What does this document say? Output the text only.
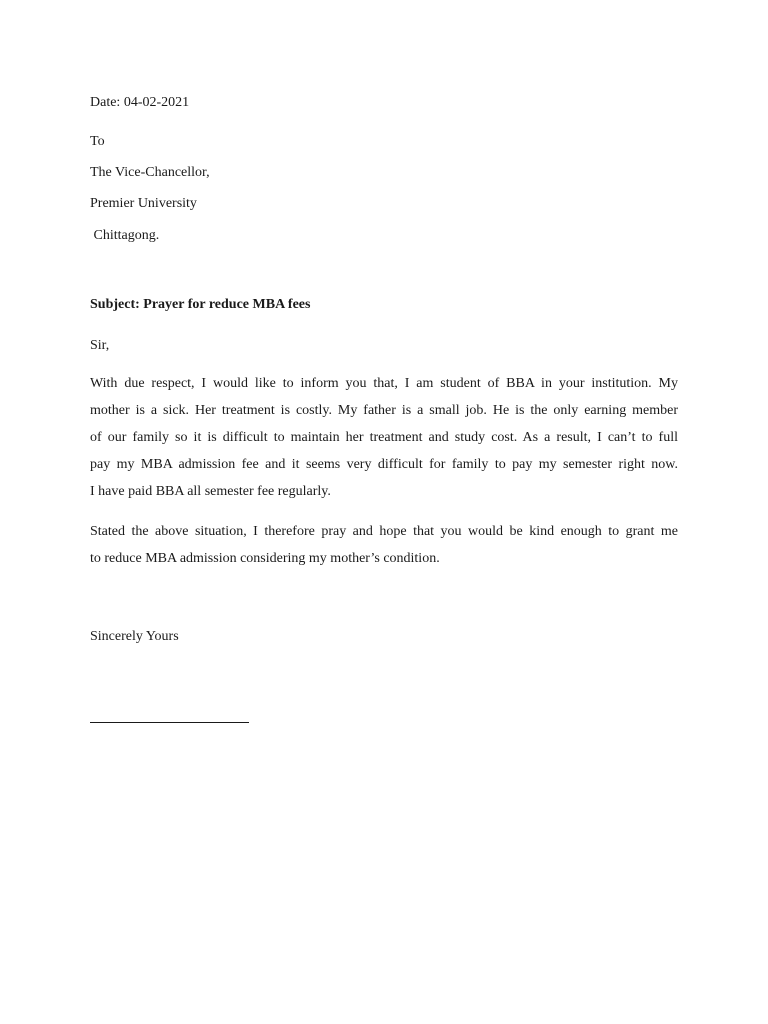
Date: 04-02-2021
To
The Vice-Chancellor,
Premier University
Chittagong.
Subject: Prayer for reduce MBA fees
Sir,
With due respect, I would like to inform you that, I am student of BBA in your institution. My
mother is a sick. Her treatment is costly. My father is a small job. He is the only earning member
of our family so it is difficult to maintain her treatment and study cost. As a result, I can’t to full
pay my MBA admission fee and it seems very difficult for family to pay my semester right now.
I have paid BBA all semester fee regularly.
Stated the above situation, I therefore pray and hope that you would be kind enough to grant me
to reduce MBA admission considering my mother’s condition.
Sincerely Yours
